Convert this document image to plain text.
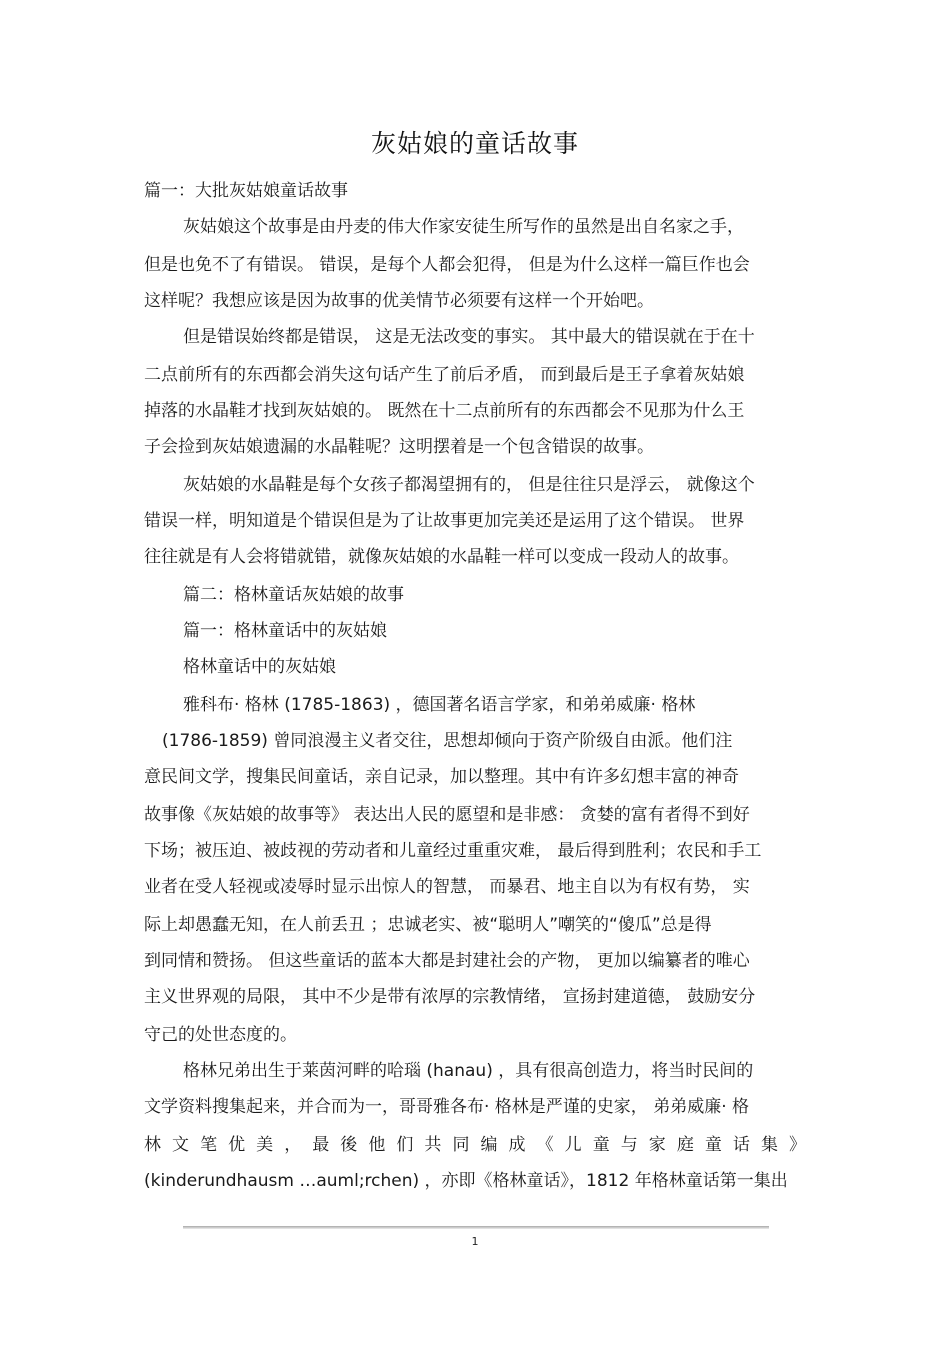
灰姑娘的童话故事
篇一：大批灰姑娘童话故事
灰姑娘这个故事是由丹麦的伟大作家安徒生所写作的虽然是出自名家之手，
但是也免不了有错误。 错误，是每个人都会犯得， 但是为什么这样一篇巨作也会
这样呢？我想应该是因为故事的优美情节必须要有这样一个开始吧。
但是错误始终都是错误， 这是无法改变的事实。 其中最大的错误就在于在十
二点前所有的东西都会消失这句话产生了前后矛盾， 而到最后是王子拿着灰姑娘
掉落的水晶鞋才找到灰姑娘的。 既然在十二点前所有的东西都会不见那为什么王
子会捡到灰姑娘遗漏的水晶鞋呢？这明摆着是一个包含错误的故事。
灰姑娘的水晶鞋是每个女孩子都渴望拥有的， 但是往往只是浮云， 就像这个
错误一样，明知道是个错误但是为了让故事更加完美还是运用了这个错误。 世界
往往就是有人会将错就错，就像灰姑娘的水晶鞋一样可以变成一段动人的故事。
篇二：格林童话灰姑娘的故事
篇一：格林童话中的灰姑娘
格林童话中的灰姑娘
雅科布· 格林 (1785-1863) ，德国著名语言学家，和弟弟威廉· 格林
(1786-1859) 曾同浪漫主义者交往，思想却倾向于资产阶级自由派。他们注
意民间文学，搜集民间童话，亲自记录，加以整理。其中有许多幻想丰富的神奇
故事像《灰姑娘的故事等》 表达出人民的愿望和是非感： 贪婪的富有者得不到好
下场；被压迫、被歧视的劳动者和儿童经过重重灾难， 最后得到胜利；农民和手工
业者在受人轻视或凌辱时显示出惊人的智慧， 而暴君、地主自以为有权有势， 实
际上却愚蠢无知，在人前丢丑 ；忠诚老实、被“聪明人”嘲笑的“傻瓜”总是得
到同情和赞扬。 但这些童话的蓝本大都是封建社会的产物， 更加以编纂者的唯心
主义世界观的局限， 其中不少是带有浓厚的宗教情绪， 宣扬封建道德， 鼓励安分
守己的处世态度的。
格林兄弟出生于莱茵河畔的哈瑙 (hanau) ，具有很高创造力，将当时民间的
文学资料搜集起来，并合而为一，哥哥雅各布· 格林是严谨的史家， 弟弟威廉· 格
林 文 笔 优 美 ， 最 後 他 们 共 同 编 成 《 儿 童 与 家 庭 童 话 集 》
(kinderundhausm …auml;rchen) ，亦即《格林童话》，1812 年格林童话第一集出
1
